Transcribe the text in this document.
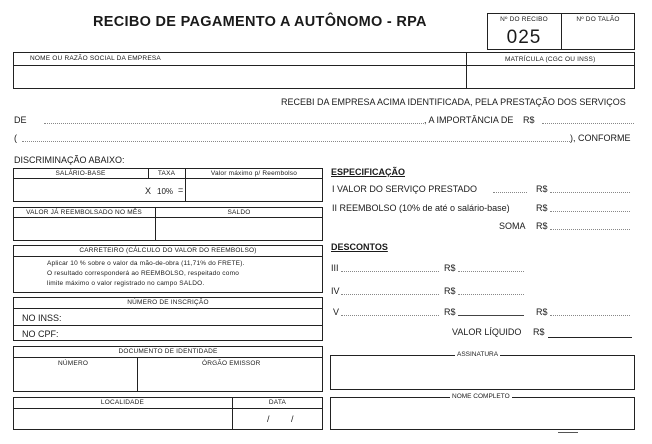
RECIBO DE PAGAMENTO A AUTÔNOMO - RPA	Nº DO RECIBO
025
Nº DO TALÃO
NOME OU RAZÃO SOCIAL DA EMPRESA	MATRÍCULA (CGC OU INSS)
RECEBI DA EMPRESA ACIMA IDENTIFICADA, PELA PRESTAÇÃO DOS SERVIÇOS
DE	, A IMPORTÂNCIA DE R$
(	), CONFORME
DISCRIMINAÇÃO ABAIXO:
SALÁRIO-BASE	TAXA	Valor máximo p/ Reembolso
X 10% =
VALOR JÁ REEMBOLSADO NO MÊS	SALDO
CARRETEIRO (CÁLCULO DO VALOR DO REEMBOLSO)
Aplicar 10 % sobre o valor da mão-de-obra (11,71% do FRETE).
O resultado corresponderá ao REEMBOLSO, respeitado como
limite máximo o valor registrado no campo SALDO.
NÚMERO DE INSCRIÇÃO
NO INSS:
NO CPF:
DOCUMENTO DE IDENTIDADE
NÚMERO	ÓRGÃO EMISSOR
LOCALIDADE	DATA
/ /
ESPECIFICAÇÃO
I VALOR DO SERVIÇO PRESTADO	R$
II REEMBOLSO (10% de até o salário-base)	R$
SOMA R$
DESCONTOS
III	R$
IV	R$
V	R$	R$
VALOR LÍQUIDO R$
ASSINATURA
NOME COMPLETO
